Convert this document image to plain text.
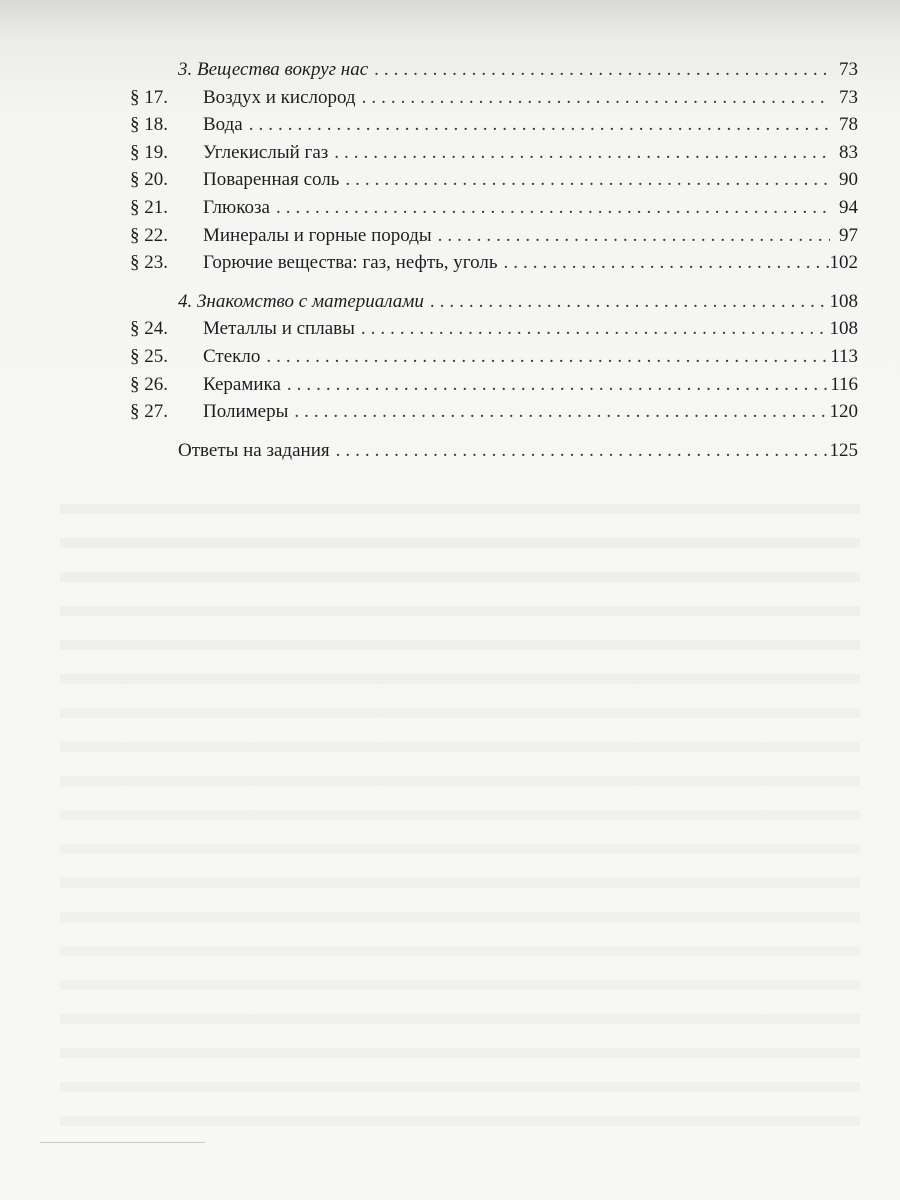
3. Вещества вокруг нас .....	73
§ 17.	Воздух и кислород .....	73
§ 18.	Вода .....	78
§ 19.	Углекислый газ .....	83
§ 20.	Поваренная соль .....	90
§ 21.	Глюкоза .....	94
§ 22.	Минералы и горные породы .....	97
§ 23.	Горючие вещества: газ, нефть, уголь .....	102
4. Знакомство с материалами .....	108
§ 24.	Металлы и сплавы .....	108
§ 25.	Стекло .....	113
§ 26.	Керамика .....	116
§ 27.	Полимеры .....	120
Ответы на задания .....	125
